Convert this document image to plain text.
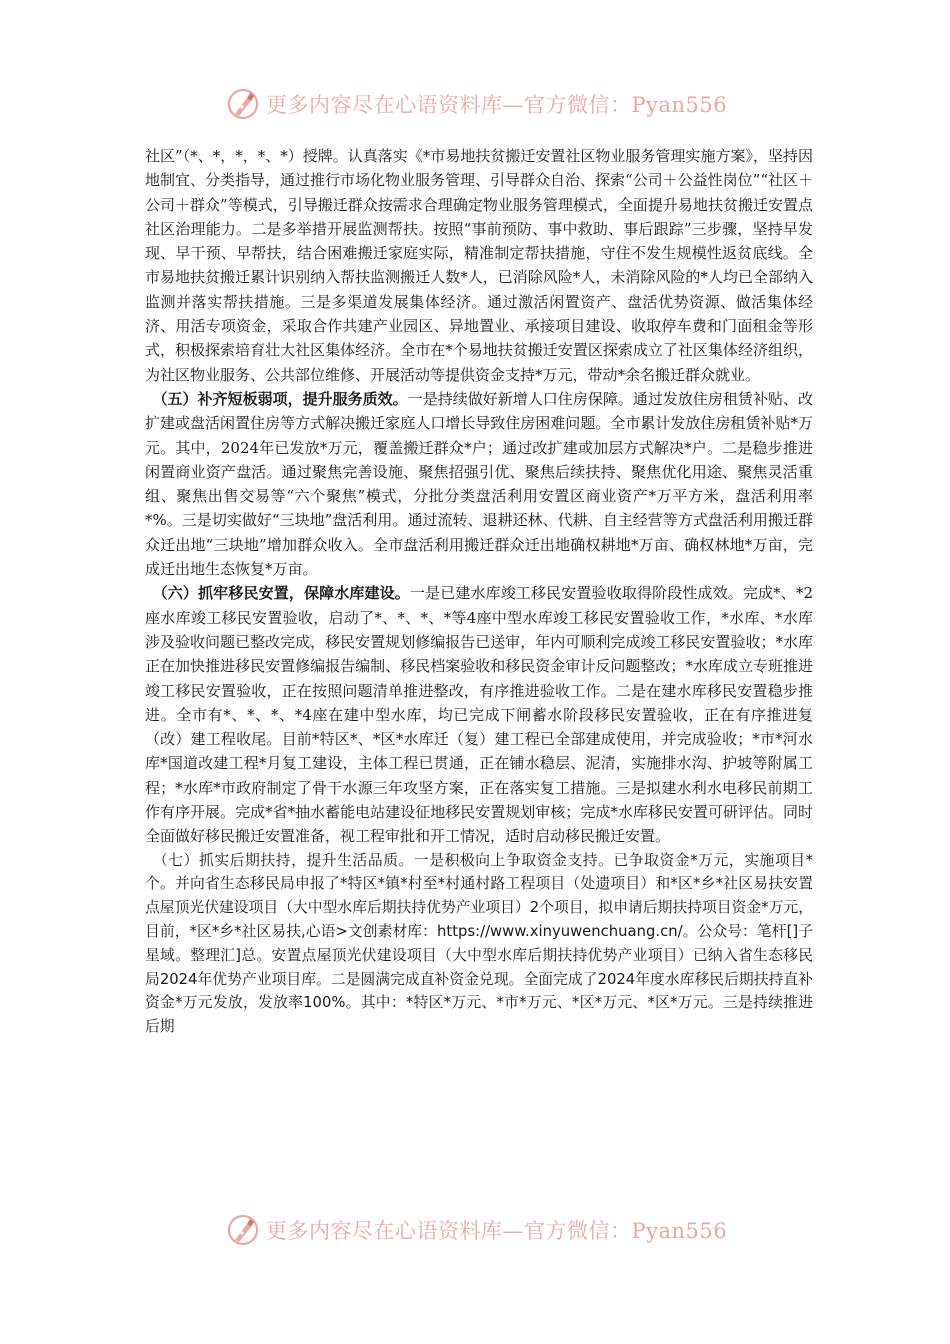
更多内容尽在心语资料库—官方微信：Pyan556

社区”（*、*，*，*、*）授牌。认真落实《*市易地扶贫搬迁安置社区物业服务管理实施方案》，坚持因地制宜、分类指导，通过推行市场化物业服务管理、引导群众自治、探索“公司＋公益性岗位”“社区＋公司＋群众”等模式，引导搬迁群众按需求合理确定物业服务管理模式，全面提升易地扶贫搬迁安置点社区治理能力。二是多举措开展监测帮扶。按照“事前预防、事中救助、事后跟踪”三步骤，坚持早发现、早干预、早帮扶，结合困难搬迁家庭实际，精准制定帮扶措施，守住不发生规模性返贫底线。全市易地扶贫搬迁累计识别纳入帮扶监测搬迁人数*人，已消除风险*人，未消除风险的*人均已全部纳入监测并落实帮扶措施。三是多渠道发展集体经济。通过激活闲置资产、盘活优势资源、做活集体经济、用活专项资金，采取合作共建产业园区、异地置业、承接项目建设、收取停车费和门面租金等形式，积极探索培育壮大社区集体经济。全市在*个易地扶贫搬迁安置区探索成立了社区集体经济组织，为社区物业服务、公共部位维修、开展活动等提供资金支持*万元，带动*余名搬迁群众就业。

　（五）补齐短板弱项，提升服务质效。一是持续做好新增人口住房保障。通过发放住房租赁补贴、改扩建或盘活闲置住房等方式解决搬迁家庭人口增长导致住房困难问题。全市累计发放住房租赁补贴*万元。其中，2024年已发放*万元，覆盖搬迁群众*户；通过改扩建或加层方式解决*户。二是稳步推进闲置商业资产盘活。通过聚焦完善设施、聚焦招强引优、聚焦后续扶持、聚焦优化用途、聚焦灵活重组、聚焦出售交易等“六个聚焦”模式，分批分类盘活利用安置区商业资产*万平方米，盘活利用率*%。三是切实做好“三块地”盘活利用。通过流转、退耕还林、代耕、自主经营等方式盘活利用搬迁群众迁出地“三块地”增加群众收入。全市盘活利用搬迁群众迁出地确权耕地*万亩、确权林地*万亩，完成迁出地生态恢复*万亩。

　（六）抓牢移民安置，保障水库建设。一是已建水库竣工移民安置验收取得阶段性成效。完成*、*2座水库竣工移民安置验收，启动了*、*、*、*等4座中型水库竣工移民安置验收工作，*水库、*水库涉及验收问题已整改完成，移民安置规划修编报告已送审，年内可顺利完成竣工移民安置验收；*水库正在加快推进移民安置修编报告编制、移民档案验收和移民资金审计反问题整改；*水库成立专班推进竣工移民安置验收，正在按照问题清单推进整改，有序推进验收工作。二是在建水库移民安置稳步推进。全市有*、*、*、*4座在建中型水库，均已完成下闸蓄水阶段移民安置验收，正在有序推进复（改）建工程收尾。目前*特区*、*区*水库迁（复）建工程已全部建成使用，并完成验收；*市*河水库*国道改建工程*月复工建设，主体工程已贯通，正在铺水稳层、泥清，实施排水沟、护坡等附属工程；*水库*市政府制定了骨干水源三年攻坚方案，正在落实复工措施。三是拟建水利水电移民前期工作有序开展。完成*省*抽水蓄能电站建设征地移民安置规划审核；完成*水库移民安置可研评估。同时全面做好移民搬迁安置准备，视工程审批和开工情况，适时启动移民搬迁安置。

　（七）抓实后期扶持，提升生活品质。一是积极向上争取资金支持。已争取资金*万元，实施项目*个。并向省生态移民局申报了*特区*镇*村至*村通村路工程项目（处遗项目）和*区*乡*社区易扶安置点屋顶光伏建设项目（大中型水库后期扶持优势产业项目）2个项目，拟申请后期扶持项目资金*万元，目前，*区*乡*社区易扶,心语>文创素材库：https://www.xinyuwenchuang.cn/。公众号：笔杆[]子星域。整理汇]总。安置点屋顶光伏建设项目（大中型水库后期扶持优势产业项目）已纳入省生态移民局2024年优势产业项目库。二是圆满完成直补资金兑现。全面完成了2024年度水库移民后期扶持直补资金*万元发放，发放率100%。其中：*特区*万元、*市*万元、*区*万元、*区*万元。三是持续推进后期

更多内容尽在心语资料库—官方微信：Pyan556
